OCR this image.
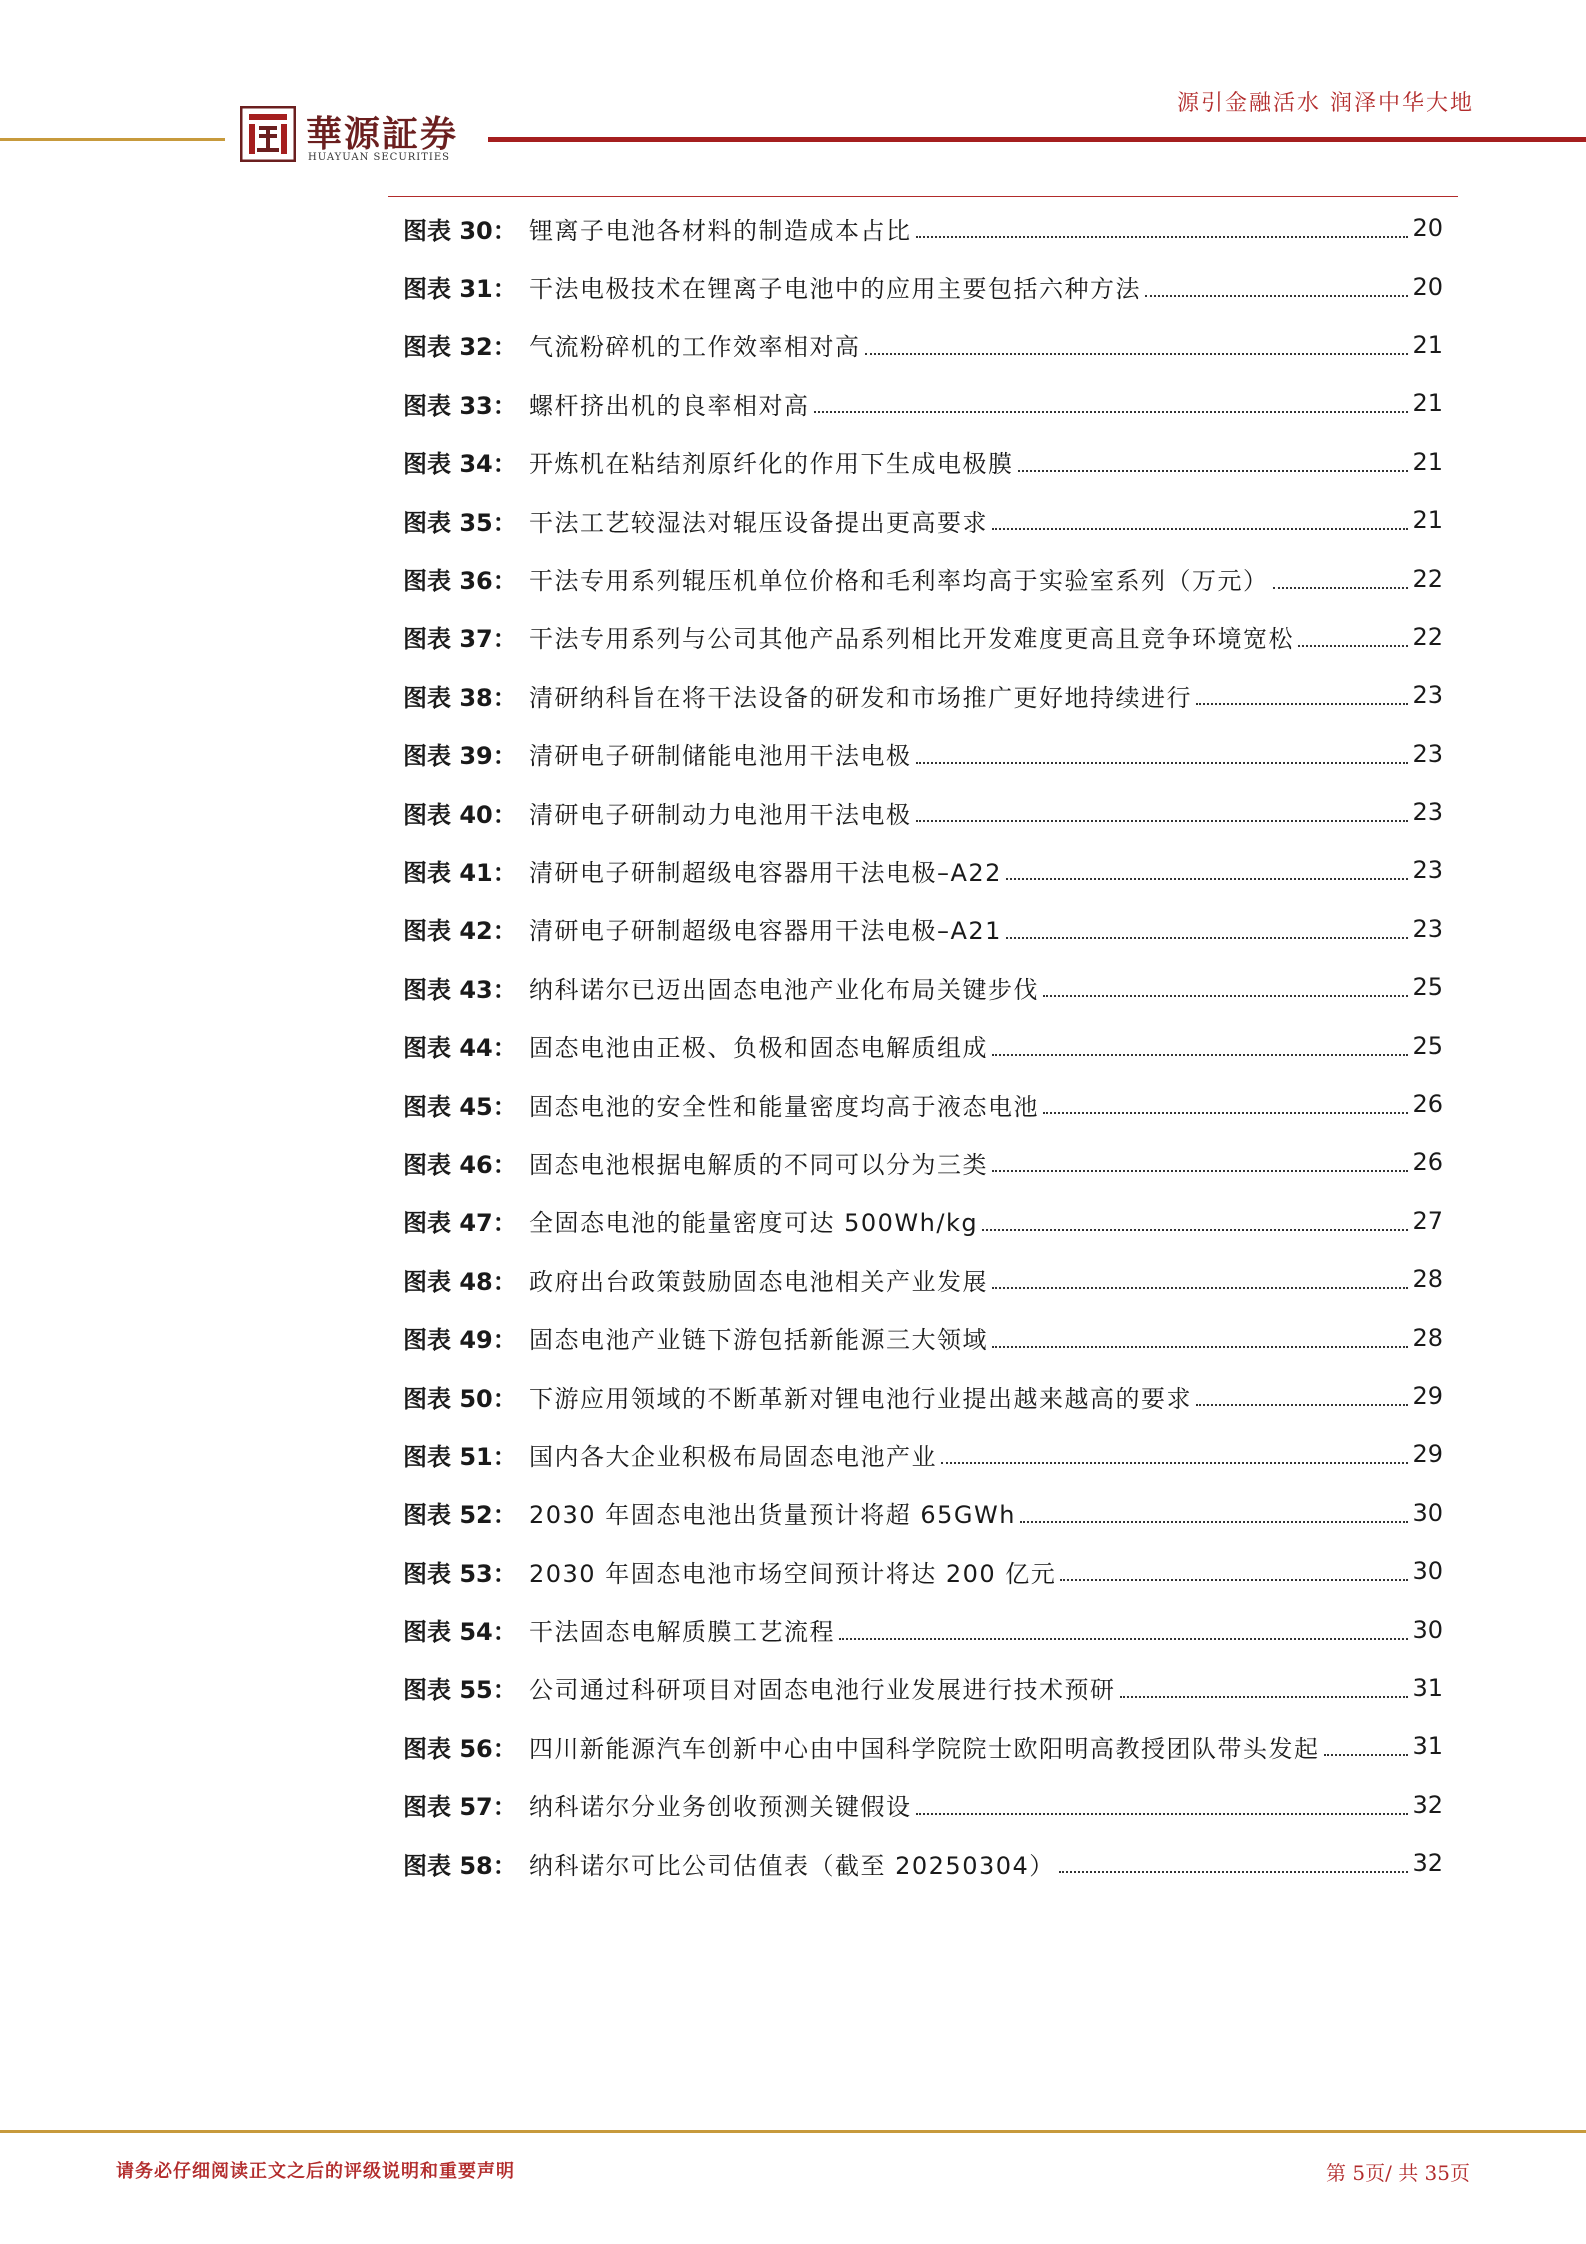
源引金融活水 润泽中华大地
華源証券
HUAYUAN SECURITIES
图表 30： 锂离子电池各材料的制造成本占比	20
图表 31： 干法电极技术在锂离子电池中的应用主要包括六种方法	20
图表 32： 气流粉碎机的工作效率相对高	21
图表 33： 螺杆挤出机的良率相对高	21
图表 34： 开炼机在粘结剂原纤化的作用下生成电极膜	21
图表 35： 干法工艺较湿法对辊压设备提出更高要求	21
图表 36： 干法专用系列辊压机单位价格和毛利率均高于实验室系列（万元）	22
图表 37： 干法专用系列与公司其他产品系列相比开发难度更高且竞争环境宽松	22
图表 38： 清研纳科旨在将干法设备的研发和市场推广更好地持续进行	23
图表 39： 清研电子研制储能电池用干法电极	23
图表 40： 清研电子研制动力电池用干法电极	23
图表 41： 清研电子研制超级电容器用干法电极–A22	23
图表 42： 清研电子研制超级电容器用干法电极–A21	23
图表 43： 纳科诺尔已迈出固态电池产业化布局关键步伐	25
图表 44： 固态电池由正极、负极和固态电解质组成	25
图表 45： 固态电池的安全性和能量密度均高于液态电池	26
图表 46： 固态电池根据电解质的不同可以分为三类	26
图表 47： 全固态电池的能量密度可达 500Wh/kg	27
图表 48： 政府出台政策鼓励固态电池相关产业发展	28
图表 49： 固态电池产业链下游包括新能源三大领域	28
图表 50： 下游应用领域的不断革新对锂电池行业提出越来越高的要求	29
图表 51： 国内各大企业积极布局固态电池产业	29
图表 52： 2030 年固态电池出货量预计将超 65GWh	30
图表 53： 2030 年固态电池市场空间预计将达 200 亿元	30
图表 54： 干法固态电解质膜工艺流程	30
图表 55： 公司通过科研项目对固态电池行业发展进行技术预研	31
图表 56： 四川新能源汽车创新中心由中国科学院院士欧阳明高教授团队带头发起	31
图表 57： 纳科诺尔分业务创收预测关键假设	32
图表 58： 纳科诺尔可比公司估值表（截至 20250304）	32
请务必仔细阅读正文之后的评级说明和重要声明	第 5页/ 共 35页
